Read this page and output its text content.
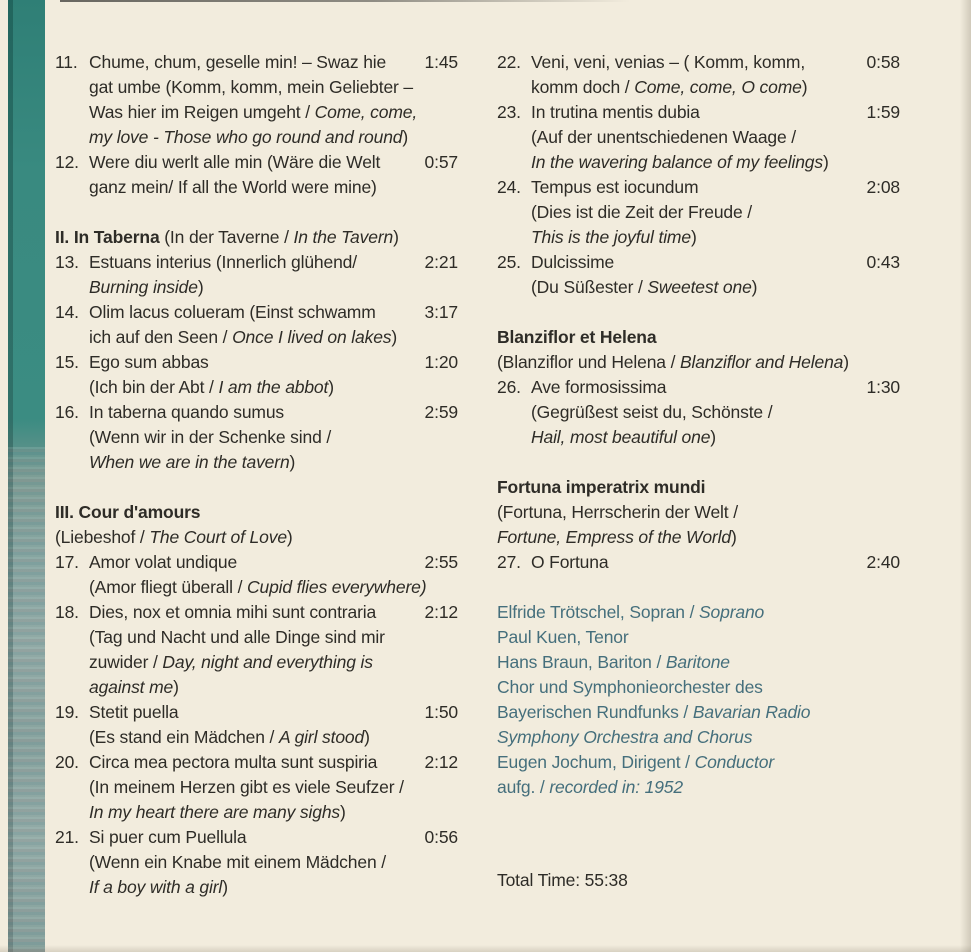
11. Chume, chum, geselle min! – Swaz hie
gat umbe (Komm, komm, mein Geliebter –
Was hier im Reigen umgeht / Come, come,
my love - Those who go round and round)
1:45
12. Were diu werlt alle min (Wäre die Welt
ganz mein/ If all the World were mine)
0:57
II. In Taberna (In der Taverne / In the Tavern)
13. Estuans interius (Innerlich glühend/
Burning inside)
2:21
14. Olim lacus colueram (Einst schwamm
ich auf den Seen / Once I lived on lakes)
3:17
15. Ego sum abbas
(Ich bin der Abt / I am the abbot)
1:20
16. In taberna quando sumus
(Wenn wir in der Schenke sind /
When we are in the tavern)
2:59
III. Cour d'amours
(Liebeshof / The Court of Love)
17. Amor volat undique
(Amor fliegt überall / Cupid flies everywhere)
2:55
18. Dies, nox et omnia mihi sunt contraria
(Tag und Nacht und alle Dinge sind mir
zuwider / Day, night and everything is
against me)
2:12
19. Stetit puella
(Es stand ein Mädchen / A girl stood)
1:50
20. Circa mea pectora multa sunt suspiria
(In meinem Herzen gibt es viele Seufzer /
In my heart there are many sighs)
2:12
21. Si puer cum Puellula
(Wenn ein Knabe mit einem Mädchen /
If a boy with a girl)
0:56
22. Veni, veni, venias – ( Komm, komm,
komm doch / Come, come, O come)
0:58
23. In trutina mentis dubia
(Auf der unentschiedenen Waage /
In the wavering balance of my feelings)
1:59
24. Tempus est iocundum
(Dies ist die Zeit der Freude /
This is the joyful time)
2:08
25. Dulcissime
(Du Süßester / Sweetest one)
0:43
Blanziflor et Helena
(Blanziflor und Helena / Blanziflor and Helena)
26. Ave formosissima
(Gegrüßest seist du, Schönste /
Hail, most beautiful one)
1:30
Fortuna imperatrix mundi
(Fortuna, Herrscherin der Welt /
Fortune, Empress of the World)
27. O Fortuna	2:40
Elfride Trötschel, Sopran / Soprano
Paul Kuen, Tenor
Hans Braun, Bariton / Baritone
Chor und Symphonieorchester des
Bayerischen Rundfunks / Bavarian Radio
Symphony Orchestra and Chorus
Eugen Jochum, Dirigent / Conductor
aufg. / recorded in: 1952
Total Time: 55:38
